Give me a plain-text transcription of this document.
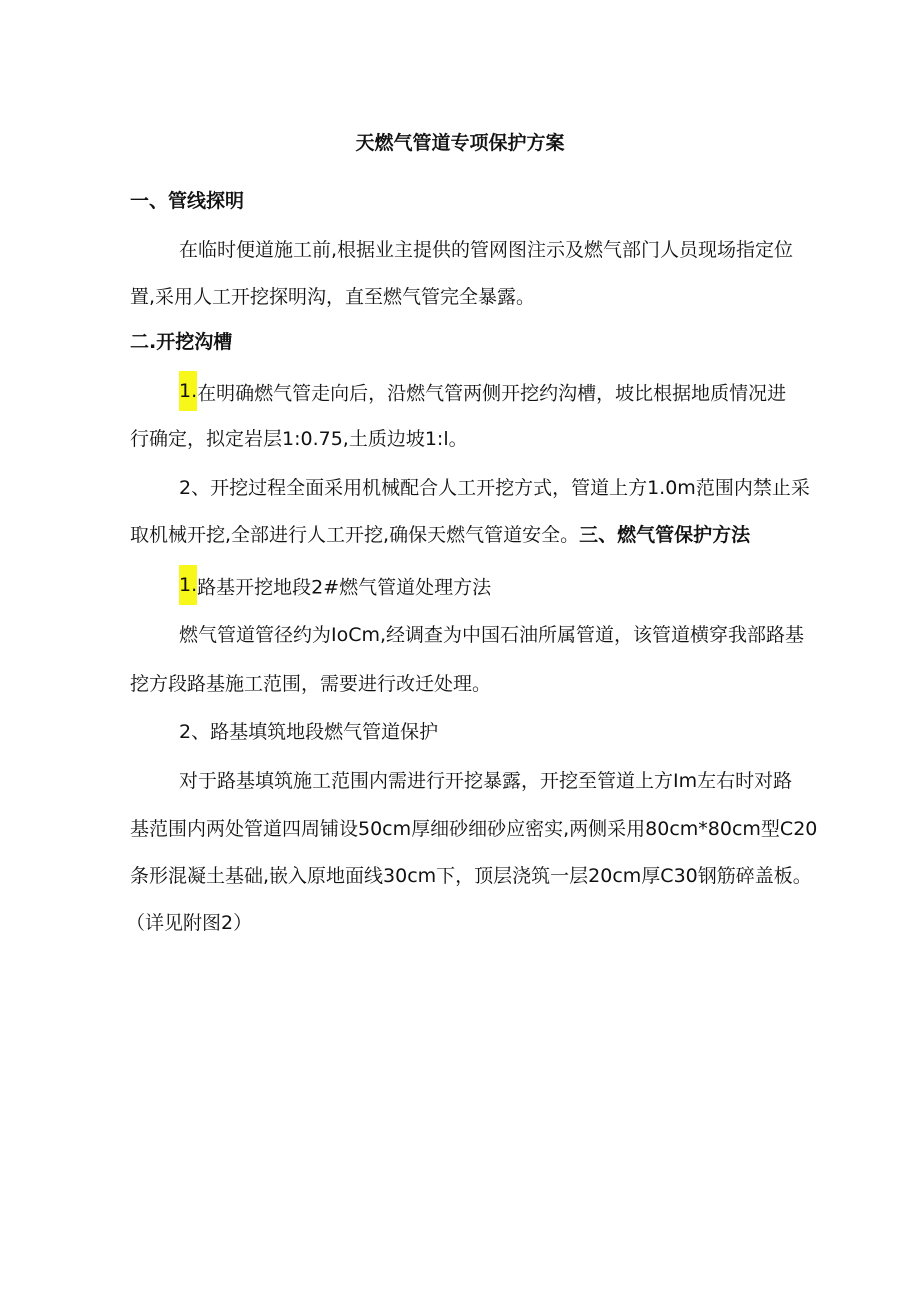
天燃气管道专项保护方案
一、管线探明
在临时便道施工前,根据业主提供的管网图注示及燃气部门人员现场指定位
置,采用人工开挖探明沟，直至燃气管完全暴露。
二.开挖沟槽
1.在明确燃气管走向后，沿燃气管两侧开挖约沟槽，坡比根据地质情况进
行确定，拟定岩层1:0.75,土质边坡1:l。
2、开挖过程全面采用机械配合人工开挖方式，管道上方1.0m范围内禁止采
取机械开挖,全部进行人工开挖,确保天燃气管道安全。三、燃气管保护方法
1.路基开挖地段2#燃气管道处理方法
燃气管道管径约为IoCm,经调查为中国石油所属管道，该管道横穿我部路基
挖方段路基施工范围，需要进行改迁处理。
2、路基填筑地段燃气管道保护
对于路基填筑施工范围内需进行开挖暴露，开挖至管道上方Im左右时对路
基范围内两处管道四周铺设50cm厚细砂细砂应密实,两侧采用80cm*80cm型C20
条形混凝土基础,嵌入原地面线30cm下，顶层浇筑一层20cm厚C30钢筋碎盖板。
（详见附图2）
